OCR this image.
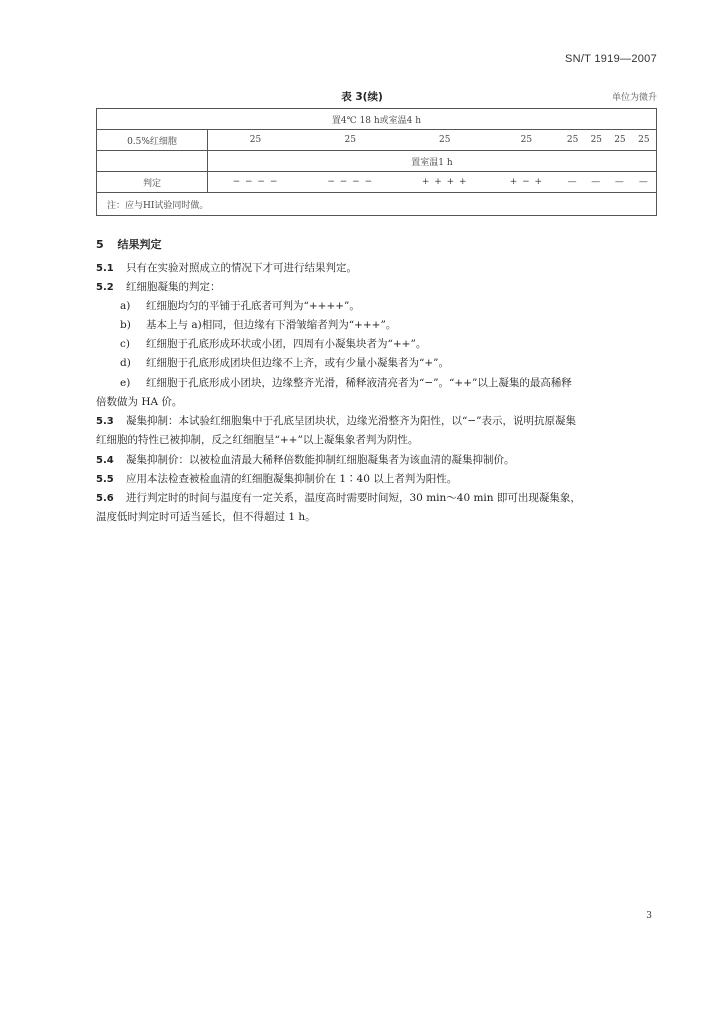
SN/T 1919—2007
表 3(续)	单位为微升
置4℃ 18 h或室温4 h								
0.5%红细胞	25	25	25	25	25	25	25	25
	置室温1 h							
判定	− − − −	− − − −	+ + + +	+ − +	—	—	—	—
注：应与HI试验同时做。								
5 结果判定
5.1 只有在实验对照成立的情况下才可进行结果判定。
5.2 红细胞凝集的判定：
a) 红细胞均匀的平铺于孔底者可判为“++++”。
b) 基本上与 a)相同，但边缘有下滑皱缩者判为“+++”。
c) 红细胞于孔底形成环状或小团，四周有小凝集块者为“++”。
d) 红细胞于孔底形成团块但边缘不上齐，或有少量小凝集者为“+”。
e) 红细胞于孔底形成小团块，边缘整齐光滑，稀释液清亮者为“−”。“++”以上凝集的最高稀释
倍数做为 HA 价。
5.3 凝集抑制：本试验红细胞集中于孔底呈团块状，边缘光滑整齐为阳性，以“−”表示，说明抗原凝集
红细胞的特性已被抑制，反之红细胞呈“++”以上凝集象者判为阴性。
5.4 凝集抑制价：以被检血清最大稀释倍数能抑制红细胞凝集者为该血清的凝集抑制价。
5.5 应用本法检查被检血清的红细胞凝集抑制价在 1∶40 以上者判为阳性。
5.6 进行判定时的时间与温度有一定关系，温度高时需要时间短，30 min～40 min 即可出现凝集象，
温度低时判定时可适当延长，但不得超过 1 h。
3
